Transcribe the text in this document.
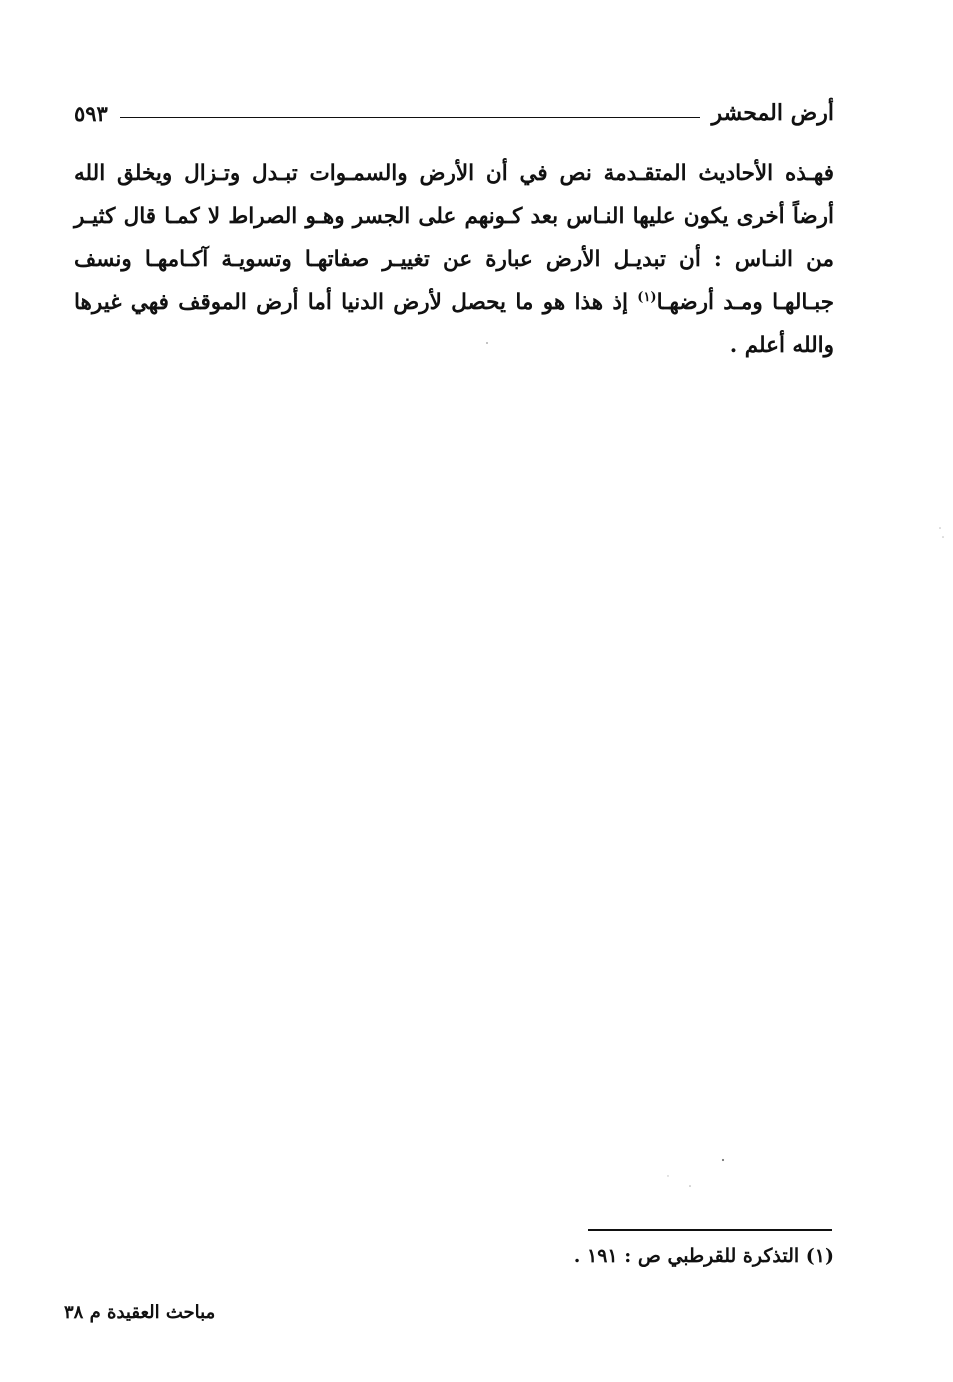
أرض المحشر
٥٩٣

فهـذه الأحاديث المتقـدمة نص في أن الأرض والسمـوات تبـدل وتـزال ويخلق الله أرضاً أخرى يكون عليها النـاس بعد كـونهم على الجسر وهـو الصراط لا كمـا قال كثيـر من النـاس : أن تبديـل الأرض عبارة عن تغييـر صفاتهـا وتسويـة آكـامهـا ونسف جبـالهـا ومـد أرضهـا$^{(١)}$ إذ هذا هو ما يحصل لأرض الدنيا أما أرض الموقف فهي غيرها والله أعلم .

(١) التذكرة للقرطبي ص : ١٩١ .

مباحث العقيدة م ٣٨
